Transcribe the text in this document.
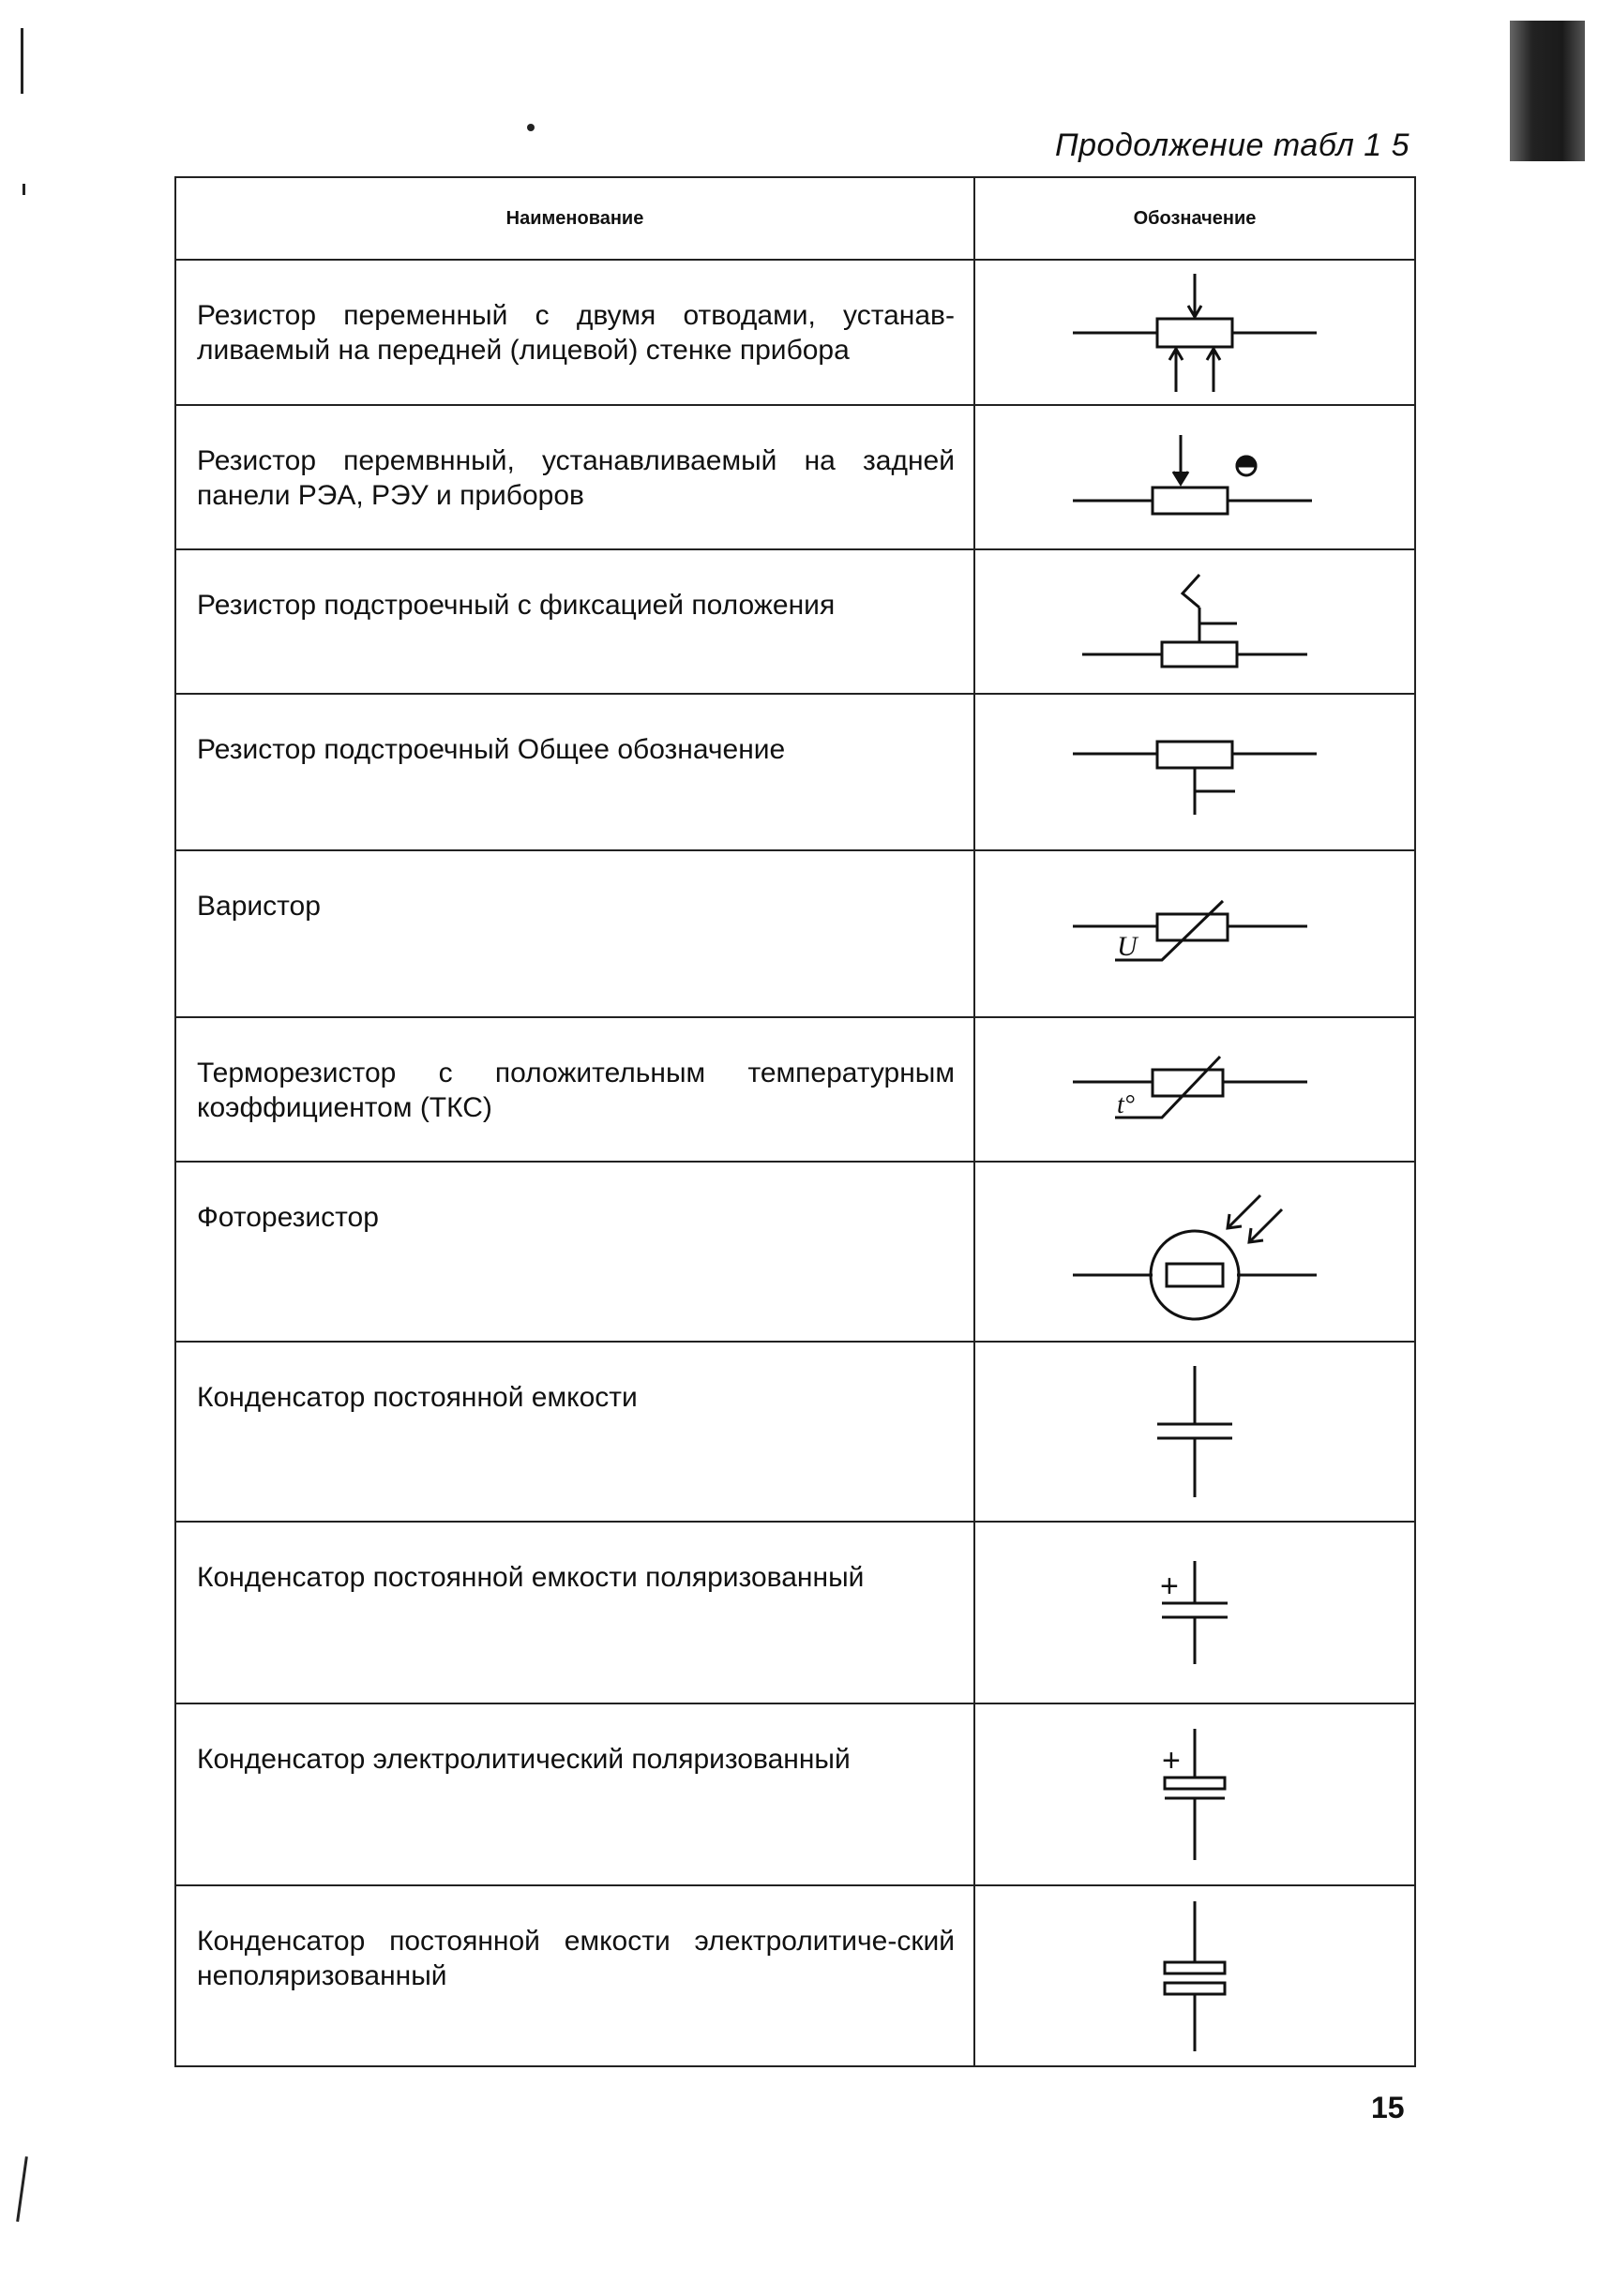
Продолжение табл 1 5
Наименование	Обозначение
Резистор переменный с двумя отводами, устанав-ливаемый на передней (лицевой) стенке прибора	

Резистор перемвнный, устанавливаемый на задней панели РЭА, РЭУ и приборов	

Резистор подстроечный с фиксацией положения	

Резистор подстроечный Общее обозначение	

Варистор	U

Терморезистор с положительным температурным коэффициентом (ТКС)	t°

Фоторезистор	

Конденсатор постоянной емкости	

Конденсатор постоянной емкости поляризованный	+

Конденсатор электролитический поляризованный	+

Конденсатор постоянной емкости электролитиче-ский неполяризованный	
15
